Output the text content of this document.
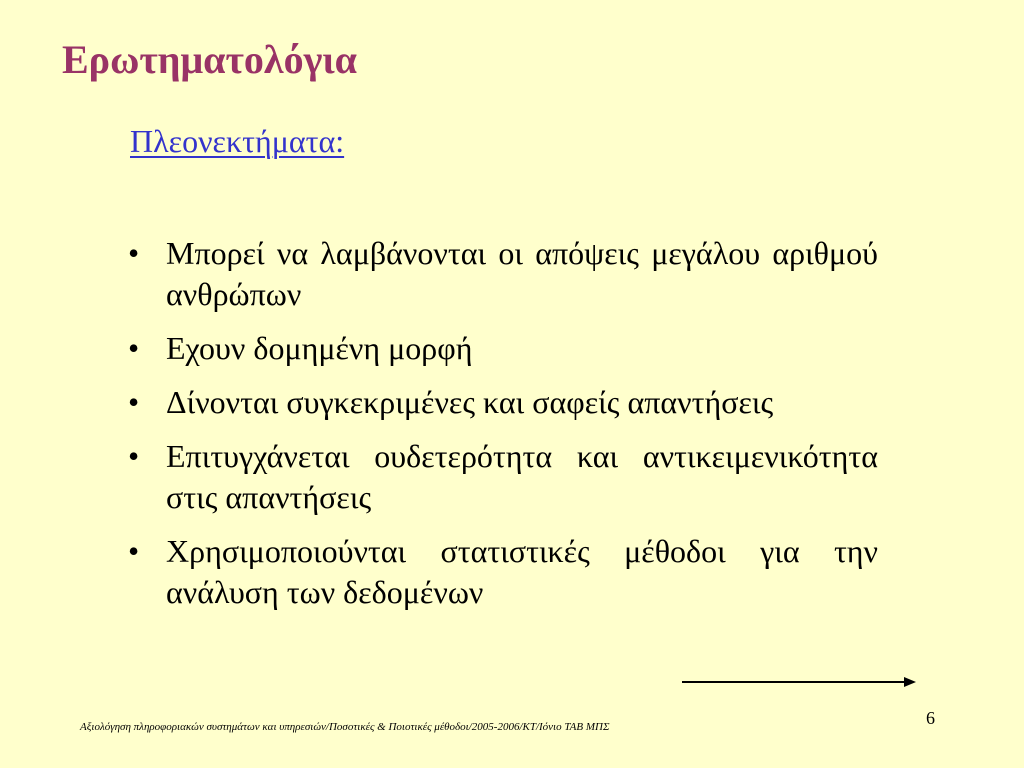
Ερωτηματολόγια
Πλεονεκτήματα:
• Μπορεί να λαμβάνονται οι απόψεις μεγάλου αριθμού ανθρώπων
• Εχουν δομημένη μορφή
• Δίνονται συγκεκριμένες και σαφείς απαντήσεις
• Επιτυγχάνεται ουδετερότητα και αντικειμενικότητα στις απαντήσεις
• Χρησιμοποιούνται στατιστικές μέθοδοι για την ανάλυση των δεδομένων
Αξιολόγηση πληροφοριακών συστημάτων και υπηρεσιών/Ποσοτικές & Ποιοτικές μέθοδοι/2005-2006/ΚΤ/Ιόνιο ΤΑΒ ΜΠΣ	6
